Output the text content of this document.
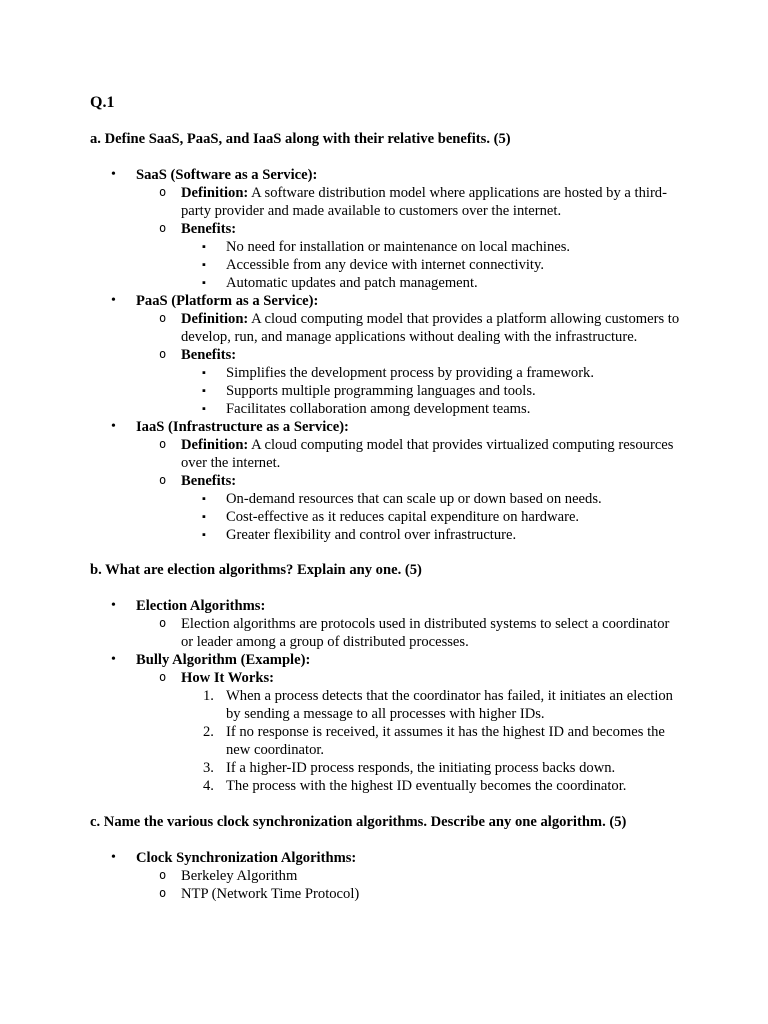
Q.1

a. Define SaaS, PaaS, and IaaS along with their relative benefits. (5)

• SaaS (Software as a Service):
o Definition: A software distribution model where applications are hosted by a third-party provider and made available to customers over the internet.
o Benefits:
▪ No need for installation or maintenance on local machines.
▪ Accessible from any device with internet connectivity.
▪ Automatic updates and patch management.
• PaaS (Platform as a Service):
o Definition: A cloud computing model that provides a platform allowing customers to develop, run, and manage applications without dealing with the infrastructure.
o Benefits:
▪ Simplifies the development process by providing a framework.
▪ Supports multiple programming languages and tools.
▪ Facilitates collaboration among development teams.
• IaaS (Infrastructure as a Service):
o Definition: A cloud computing model that provides virtualized computing resources over the internet.
o Benefits:
▪ On-demand resources that can scale up or down based on needs.
▪ Cost-effective as it reduces capital expenditure on hardware.
▪ Greater flexibility and control over infrastructure.

b. What are election algorithms? Explain any one. (5)

• Election Algorithms:
o Election algorithms are protocols used in distributed systems to select a coordinator or leader among a group of distributed processes.
• Bully Algorithm (Example):
o How It Works:
1. When a process detects that the coordinator has failed, it initiates an election by sending a message to all processes with higher IDs.
2. If no response is received, it assumes it has the highest ID and becomes the new coordinator.
3. If a higher-ID process responds, the initiating process backs down.
4. The process with the highest ID eventually becomes the coordinator.

c. Name the various clock synchronization algorithms. Describe any one algorithm. (5)

• Clock Synchronization Algorithms:
o Berkeley Algorithm
o NTP (Network Time Protocol)
